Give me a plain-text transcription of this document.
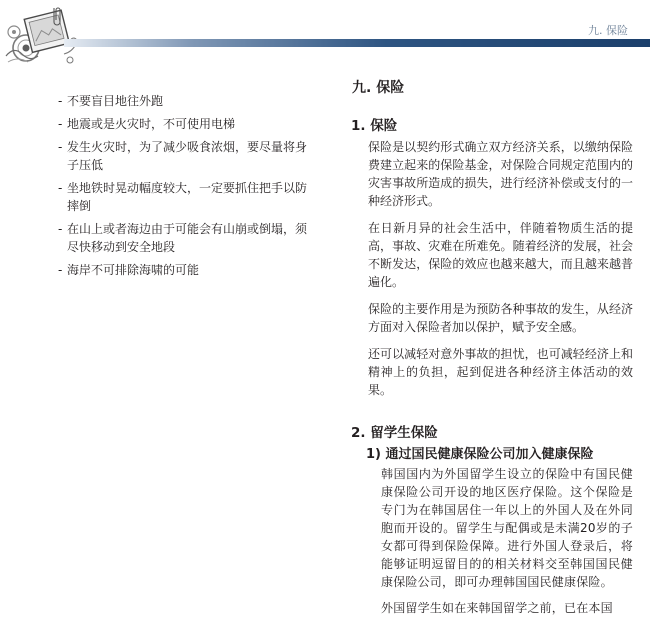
九. 保险
- 不要盲目地往外跑
- 地震或是火灾时，不可使用电梯
- 发生火灾时，为了减少吸食浓烟，要尽量将身子压低
- 坐地铁时晃动幅度较大，一定要抓住把手以防摔倒
- 在山上或者海边由于可能会有山崩或倒塌，须尽快移动到安全地段
- 海岸不可排除海啸的可能
九. 保险
1. 保险

保险是以契约形式确立双方经济关系，以缴纳保险费建立起来的保险基金，对保险合同规定范围内的灾害事故所造成的损失，进行经济补偿或支付的一种经济形式。

在日新月异的社会生活中，伴随着物质生活的提高，事故、灾难在所难免。随着经济的发展，社会不断发达，保险的效应也越来越大，而且越来越普遍化。

保险的主要作用是为预防各种事故的发生，从经济方面对入保险者加以保护，赋予安全感。

还可以减轻对意外事故的担忧，也可减轻经济上和精神上的负担，起到促进各种经济主体活动的效果。

2. 留学生保险
1) 通过国民健康保险公司加入健康保险

韩国国内为外国留学生设立的保险中有国民健康保险公司开设的地区医疗保险。这个保险是专门为在韩国居住一年以上的外国人及在外同胞而开设的。留学生与配偶或是未满20岁的子女都可得到保险保障。进行外国人登录后，将能够证明逗留目的的相关材料交至韩国国民健康保险公司，即可办理韩国国民健康保险。

外国留学生如在来韩国留学之前，已在本国
